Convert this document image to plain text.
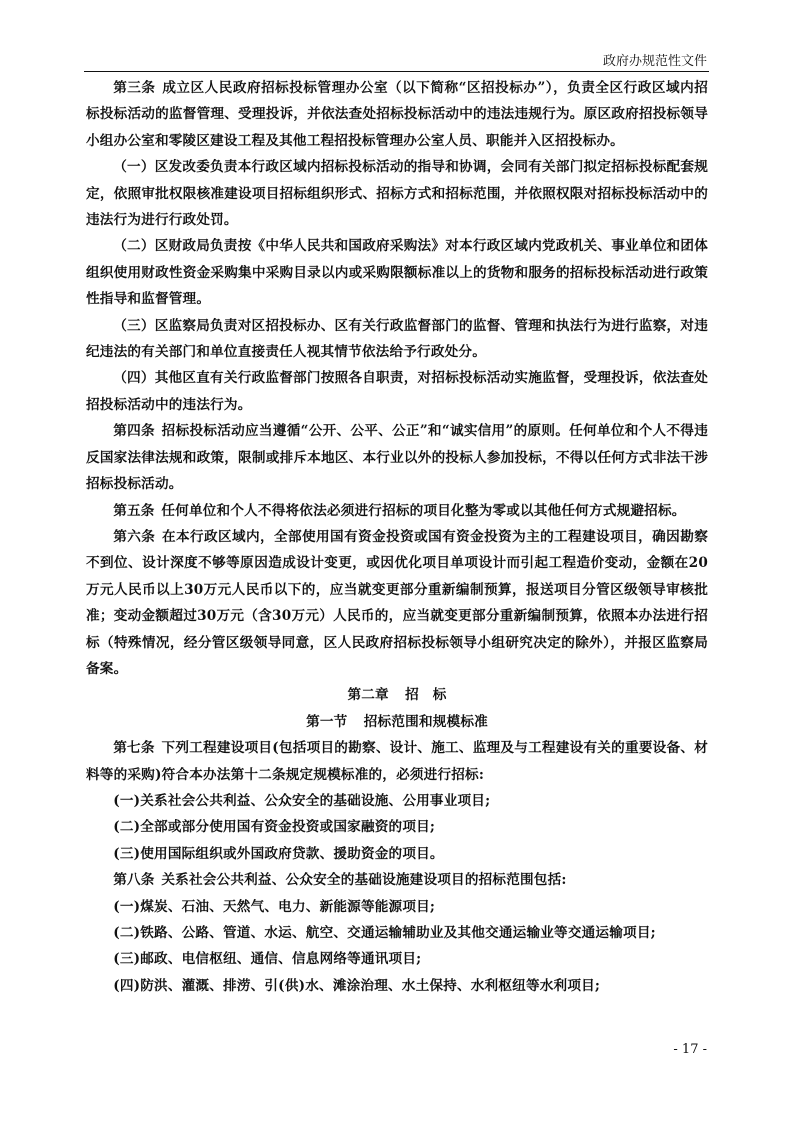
政府办规范性文件

第三条 成立区人民政府招标投标管理办公室（以下简称“区招投标办”），负责全区行政区域内招标投标活动的监督管理、受理投诉，并依法查处招标投标活动中的违法违规行为。原区政府招投标领导小组办公室和零陵区建设工程及其他工程招投标管理办公室人员、职能并入区招投标办。

（一）区发改委负责本行政区域内招标投标活动的指导和协调，会同有关部门拟定招标投标配套规定，依照审批权限核准建设项目招标组织形式、招标方式和招标范围，并依照权限对招标投标活动中的违法行为进行行政处罚。

（二）区财政局负责按《中华人民共和国政府采购法》对本行政区域内党政机关、事业单位和团体组织使用财政性资金采购集中采购目录以内或采购限额标准以上的货物和服务的招标投标活动进行政策性指导和监督管理。

（三）区监察局负责对区招投标办、区有关行政监督部门的监督、管理和执法行为进行监察，对违纪违法的有关部门和单位直接责任人视其情节依法给予行政处分。

（四）其他区直有关行政监督部门按照各自职责，对招标投标活动实施监督，受理投诉，依法查处招投标活动中的违法行为。

第四条 招标投标活动应当遵循“公开、公平、公正”和“诚实信用”的原则。任何单位和个人不得违反国家法律法规和政策，限制或排斥本地区、本行业以外的投标人参加投标，不得以任何方式非法干涉招标投标活动。

第五条 任何单位和个人不得将依法必须进行招标的项目化整为零或以其他任何方式规避招标。

第六条 在本行政区域内，全部使用国有资金投资或国有资金投资为主的工程建设项目，确因勘察不到位、设计深度不够等原因造成设计变更，或因优化项目单项设计而引起工程造价变动，金额在20万元人民币以上30万元人民币以下的，应当就变更部分重新编制预算，报送项目分管区级领导审核批准；变动金额超过30万元（含30万元）人民币的，应当就变更部分重新编制预算，依照本办法进行招标（特殊情况，经分管区级领导同意，区人民政府招标投标领导小组研究决定的除外），并报区监察局备案。

第二章 招　标

第一节 招标范围和规模标准

第七条 下列工程建设项目(包括项目的勘察、设计、施工、监理及与工程建设有关的重要设备、材料等的采购)符合本办法第十二条规定规模标准的，必须进行招标:

(一)关系社会公共利益、公众安全的基础设施、公用事业项目;

(二)全部或部分使用国有资金投资或国家融资的项目;

(三)使用国际组织或外国政府贷款、援助资金的项目。

第八条 关系社会公共利益、公众安全的基础设施建设项目的招标范围包括:

(一)煤炭、石油、天然气、电力、新能源等能源项目;

(二)铁路、公路、管道、水运、航空、交通运输辅助业及其他交通运输业等交通运输项目;

(三)邮政、电信枢纽、通信、信息网络等通讯项目;

(四)防洪、灌溉、排涝、引(供)水、滩涂治理、水土保持、水利枢纽等水利项目;

- 17 -
